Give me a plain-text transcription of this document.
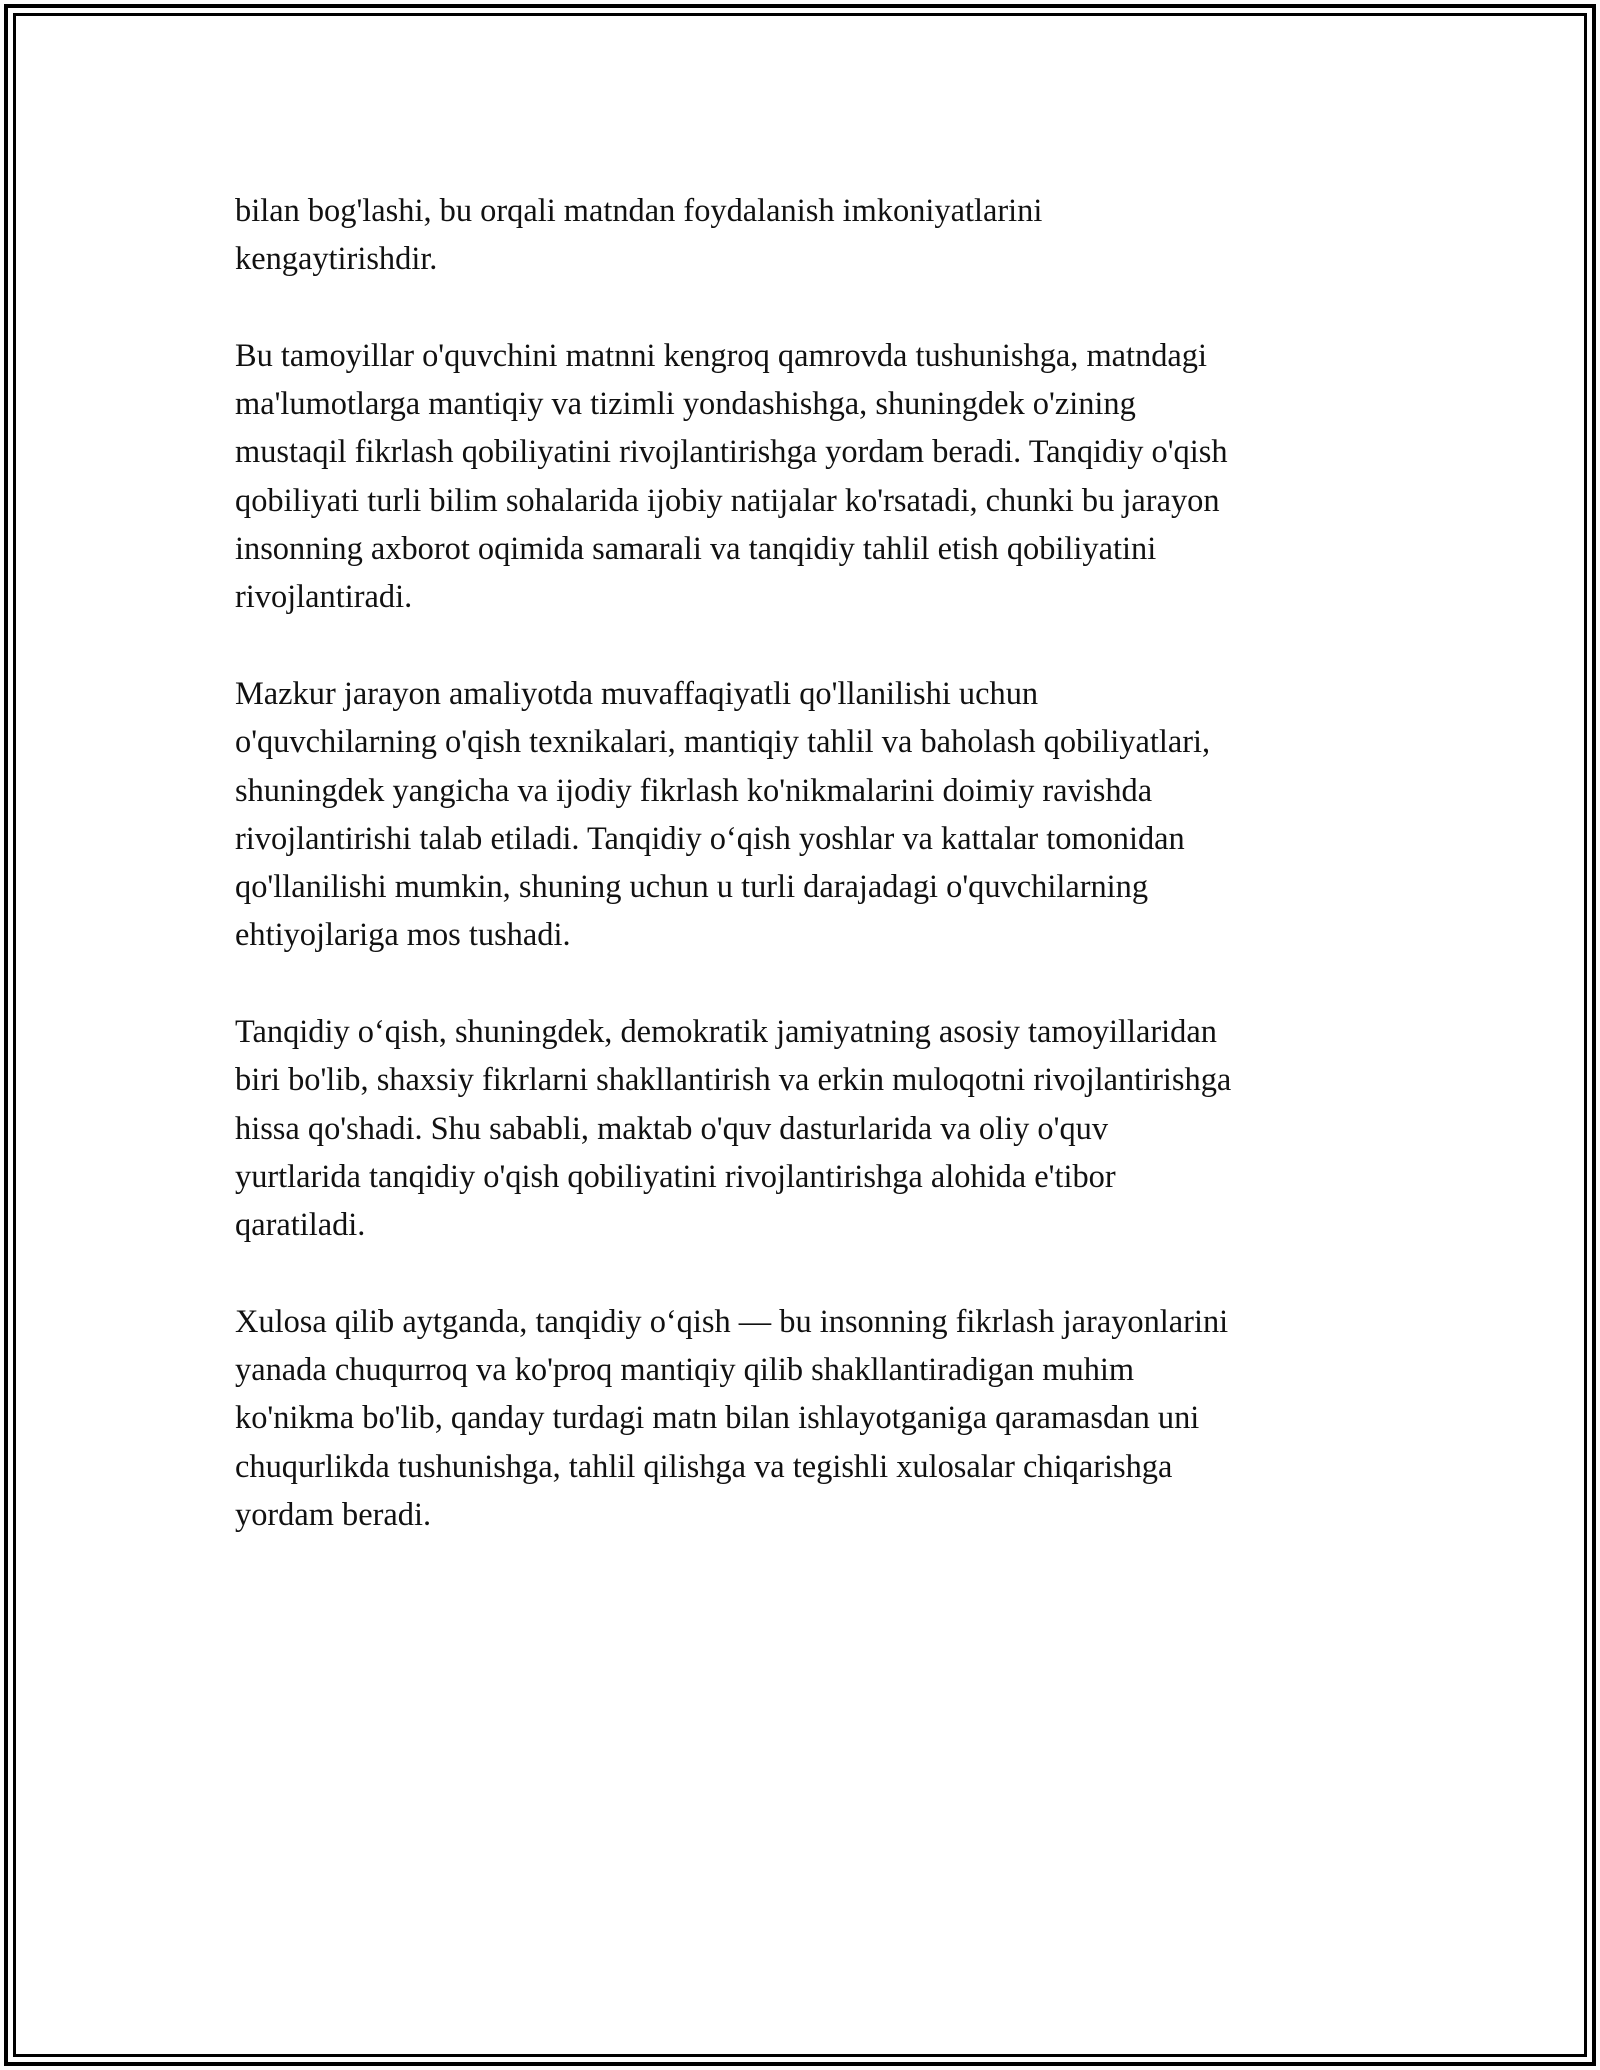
bilan bog'lashi, bu orqali matndan foydalanish imkoniyatlarini
kengaytirishdir.

Bu tamoyillar o'quvchini matnni kengroq qamrovda tushunishga, matndagi
ma'lumotlarga mantiqiy va tizimli yondashishga, shuningdek o'zining
mustaqil fikrlash qobiliyatini rivojlantirishga yordam beradi. Tanqidiy o'qish
qobiliyati turli bilim sohalarida ijobiy natijalar ko'rsatadi, chunki bu jarayon
insonning axborot oqimida samarali va tanqidiy tahlil etish qobiliyatini
rivojlantiradi.

Mazkur jarayon amaliyotda muvaffaqiyatli qo'llanilishi uchun
o'quvchilarning o'qish texnikalari, mantiqiy tahlil va baholash qobiliyatlari,
shuningdek yangicha va ijodiy fikrlash ko'nikmalarini doimiy ravishda
rivojlantirishi talab etiladi. Tanqidiy o‘qish yoshlar va kattalar tomonidan
qo'llanilishi mumkin, shuning uchun u turli darajadagi o'quvchilarning
ehtiyojlariga mos tushadi.

Tanqidiy o‘qish, shuningdek, demokratik jamiyatning asosiy tamoyillaridan
biri bo'lib, shaxsiy fikrlarni shakllantirish va erkin muloqotni rivojlantirishga
hissa qo'shadi. Shu sababli, maktab o'quv dasturlarida va oliy o'quv
yurtlarida tanqidiy o'qish qobiliyatini rivojlantirishga alohida e'tibor
qaratiladi.

Xulosa qilib aytganda, tanqidiy o‘qish — bu insonning fikrlash jarayonlarini
yanada chuqurroq va ko'proq mantiqiy qilib shakllantiradigan muhim
ko'nikma bo'lib, qanday turdagi matn bilan ishlayotganiga qaramasdan uni
chuqurlikda tushunishga, tahlil qilishga va tegishli xulosalar chiqarishga
yordam beradi.
